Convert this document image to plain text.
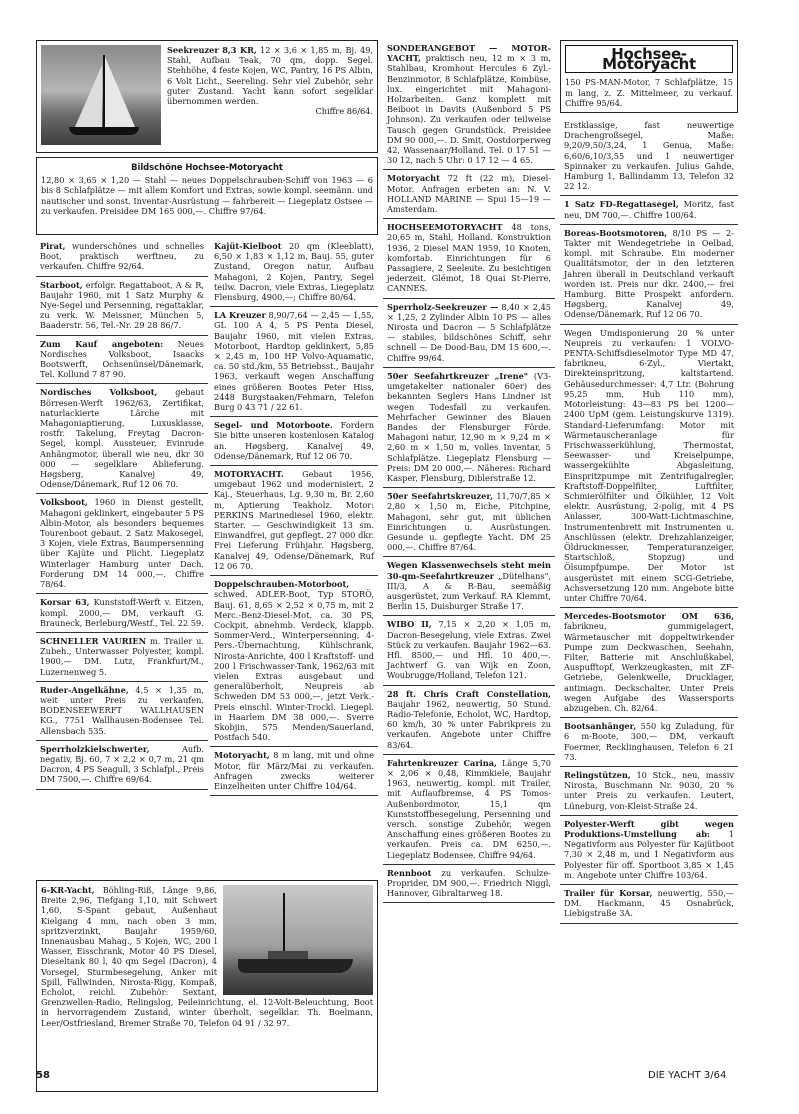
Seekreuzer 8,3 KR, 12 × 3,6 × 1,85 m, Bj. 49, Stahl, Aufbau Teak, 70 qm, dopp. Segel. Stehhöhe, 4 feste Kojen, WC, Pantry, 16 PS Albin, 6 Volt Licht., Seereling. Sehr viel Zubehör, sehr guter Zustand. Yacht kann sofort segelklar übernommen werden.
Chiffre 86/64.
Bildschöne Hochsee-Motoryacht
12,80 × 3,65 × 1,20 — Stahl — neues Doppelschrauben-Schiff von 1963 — 6 bis 8 Schlafplätze — mit allem Komfort und Extras, sowie kompl. seemänn. und nautischer und sonst. Inventar-Ausrüstung — fahrbereit — Liegeplatz Ostsee — zu verkaufen. Preisidee DM 165 000,—. Chiffre 97/64.

Pirat, wunderschönes und schnelles Boot, praktisch werftneu, zu verkaufen. Chiffre 92/64.

Starboot, erfolgr. Regattaboot, A & R, Baujahr 1960, mit 1 Satz Murphy & Nye-Segel und Persenning, regattaklar, zu verk. W. Meissner, München 5, Baaderstr. 56, Tel.-Nr. 29 28 86/7.

Zum Kauf angeboten: Neues Nordisches Volksboot, Isaacks Bootswerft, Ochsenünsel/Dänemark, Tel. Kollund 7 87 90.

Nordisches Volksboot, gebaut Börresen-Werft 1962/63, Zertifikat, naturlackierte Lärche mit Mahagoniaptierung, Luxusklasse, rostfr. Takelung, Freytag Dacron-Segel, kompl. Aussteuer, Evinrude Anhängmotor, überall wie neu, dkr 30 000 — segelklare Ablieferung. Høgsberg, Kanalvej 49, Odense/Dänemark, Ruf 12 06 70.

Volksboot, 1960 in Dienst gestellt, Mahagoni geklinkert, eingebauter 5 PS Albin-Motor, als besonders bequemes Tourenboot gebaut. 2 Satz Makosegel, 3 Kojen, viele Extras, Baumpersenning über Kajüte und Plicht. Liegeplatz Winterlager Hamburg unter Dach. Forderung DM 14 000,—. Chiffre 78/64.

Korsar 63, Kunststoff-Werft v. Eitzen, kompl. 2000,— DM, verkauft G. Brauneck, Berleburg/Westf., Tel. 22 59.

SCHNELLER VAURIEN m. Trailer u. Zubeh., Unterwasser Polyester, kompl. 1900,— DM. Lutz, Frankfurt/M., Luzernenweg 5.

Ruder-Angelkähne, 4,5 × 1,35 m, weit unter Preis zu verkaufen. BODENSEEWERFT WALLHAUSEN KG., 7751 Wallhausen-Bodensee Tel. Allensbach 535.

Sperrholzkielschwerter,	Aufb. negativ, Bj. 60, 7 × 2,2 × 0,7 m, 21 qm Dacron, 4 PS Seagull, 3 Schlafpl., Preis DM 7500,—. Chiffre 69/64.

Kajüt-Kielboot 20 qm (Kleeblatt), 6,50 × 1,83 × 1,12 m, Bauj. 55, guter Zustand, Oregon natur, Aufbau Mahagoni, 2 Kojen, Pantry, Segel teilw. Dacron, viele Extras, Liegeplatz Flensburg, 4900,—; Chiffre 80/64.

LA Kreuzer 8,90/7,64 — 2,45 — 1,55, GL 100 A 4, 5 PS Penta Diesel, Baujahr 1960, mit vielen Extras, Motorboot, Hardtop geklinkert, 5,85 × 2,45 m, 100 HP Volvo-Aquamatic, ca. 50 std./km, 55 Betriebsst., Baujahr 1963, verkauft wegen Anschaffung eines größeren Bootes Peter Hiss, 2448 Burgstaaken/Fehmarn, Telefon Burg 0 43 71 / 22 61.

Segel- und Motorboote. Fordern Sie bitte unseren kostenlosen Katalog an. Høgsberg, Kanalvej 49, Odense/Dänemark, Ruf 12 06 70.

MOTORYACHT. Gebaut 1956, umgebaut 1962 und modernisiert. 2 Kaj., Steuerhaus, Lg. 9,30 m, Br. 2,60 m, Aptierung Teakholz. Motor: PERKINS Marinediesel 1960, elektr. Starter. — Geschwindigkeit 13 sm. Einwandfrei, gut gepflegt. 27 000 dkr. Frei Lieferung Frühjahr. Høgsberg, Kanalvej 49, Odense/Dänemark, Ruf 12 06 70.

Doppelschrauben-Motorboot, schwed. ADLER-Boot, Typ STORÖ, Bauj. 61, 8,65 × 2,52 × 0,75 m, mit 2 Merc.-Benz-Diesel-Mot. ca. 30 PS, Cockpit, abnehmb. Verdeck, klappb. Sommer-Verd., Winterpersenning, 4-Pers.-Übernachtung, Kühlschrank, Nirosta-Anrichte, 400 l Kraftstoff- und 200 l Frischwasser-Tank, 1962/63 mit vielen Extras ausgebaut und generalüberholt, Neupreis ab Schweden DM 53 000,—, jetzt Verk.-Preis einschl. Winter-Trockl. Liegepl. in Haarlem DM 38 000,—. Sverre Skobjin, 575 Menden/Sauerland, Postfach 540.

Motoryacht, 8 m lang, mit und ohne Motor, für März/Mai zu verkaufen. Anfragen zwecks weiterer Einzelheiten unter Chiffre 104/64.

6-KR-Yacht, Böhling-Riß, Länge 9,86, Breite 2,96, Tiefgang 1,10, mit Schwert 1,60, S-Spant gebaut, Außenhaut Kielgang 4 mm, nach oben 3 mm, spritzverzinkt, Baujahr 1959/60, Innenausbau Mahag., 5 Kojen, WC, 200 l Wasser, Eisschrank, Motor 40 PS Diesel, Dieseltank 80 l, 40 qm Segel (Dacron), 4 Vorsegel, Sturmbesegelung, Anker mit Spill, Fallwinden, Nirosta-Rigg, Kompaß, Echolot, reichl. Zubehör: Sextant, Grenzwellen-Radio, Relingslog, Peileinrichtung, el. 12-Volt-Beleuchtung, Boot in hervorragendem Zustand, winter überholt, segelklar. Th. Boelmann, Leer/Ostfriesland, Bremer Straße 70, Telefon 04 91 / 32 97.

SONDERANGEBOT — MOTOR-YACHT, praktisch neu, 12 m × 3 m, Stahlbau, Kromhout Hercules 6 Zyl.-Benzinmotor, 8 Schlafplätze, Kombüse, lux. eingerichtet mit Mahagoni-Holzarbeiten. Ganz komplett mit Beiboot in Davits (Außenbord 5 PS Johnson). Zu verkaufen oder teilweise Tausch gegen Grundstück. Preisidee DM 90 000,—. D. Smit, Oostdorperweg 42, Wassenaar/Holland. Tel. 0 17 51 — 30 12, nach 5 Uhr: 0 17 12 — 4 65.

Motoryacht 72 ft (22 m), Diesel-Motor. Anfragen erbeten an: N. V. HOLLAND MARINE — Spui 15—19 — Amsterdam.

HOCHSEEMOTORYACHT 48 tons, 20,65 m, Stahl, Holland. Konstruktion 1936, 2 Diesel MAN 1959, 10 Knoten, komfortab. Einrichtungen für 6 Passagiere, 2 Seeleute. Zu besichtigen jederzeit. Glémot, 18 Quai St-Pierre, CANNES.

Sperrholz-Seekreuzer — 8,40 × 2,45 × 1,25, 2 Zylinder Albin 10 PS — alles Nirosta und Dacron — 5 Schlafplätze — stabiles, bildschönes Schiff, sehr schnell — De Dood-Bau, DM 15 600,—. Chiffre 99/64.

50er Seefahrtkreuzer „Irene" (V3-umgetakelter nationaler 60er) des bekannten Seglers Hans Lindner ist wegen Todesfall zu verkaufen. Mehrfacher Gewinner des Blauen Bandes der Flensburger Förde. Mahagoni natur, 12,90 m × 9,24 m × 2,60 m × 1,50 m, volles Inventar, 5 Schlafplätze. Liegeplatz Flensburg — Preis: DM 20 000,—. Näheres: Richard Kasper, Flensburg, Diblerstraße 12.

50er Seefahrtskreuzer, 11,70/7,85 × 2,80 × 1,50 m, Eiche, Pitchpine, Mahagoni, sehr gut, mit üblichen Einrichtungen u. Ausrüstungen. Gesunde u. gepflegte Yacht. DM 25 000,—. Chiffre 87/64.

Wegen Klassenwechsels steht mein 30-qm-Seefahrtkreuzer „Dütelhans", III/3, A & R-Bau, seemäßig ausgerüstet, zum Verkauf. RA Klemmt, Berlin 15, Duisburger Straße 17.

WIBO II, 7,15 × 2,20 × 1,05 m, Dacron-Besegelung, viele Extras. Zwei Stück zu verkaufen. Baujahr 1962—63. Hfl. 8500,— und Hfl. 10 400,—. Jachtwerf G. van Wijk en Zoon, Woubrugge/Holland, Telefon 121.

28 ft. Chris Craft Constellation, Baujahr 1962, neuwertig, 50 Stund. Radio-Telefonie, Echolot, WC, Hardtop, 60 km/h, 30 % unter Fabrikpreis zu verkaufen. Angebote unter Chiffre 83/64.

Fahrtenkreuzer Carina, Länge 5,70 × 2,06 × 0,48, Kimmkiele, Baujahr 1963, neuwertig, kompl. mit Trailer, mit Auflaufbremse, 4 PS Tomos-Außenbordmotor, 15,1 qm Kunststoffbesegelung, Persenning und versch. sonstige Zubehör, wegen Anschaffung eines größeren Bootes zu verkaufen. Preis ca. DM 6250,—. Liegeplatz Bodensee. Chiffre 94/64.

Rennboot zu verkaufen. Schulze-Proprider, DM 900,—. Friedrich Niggl, Hannover, Gibraltarweg 18.

Hochsee-Motoryacht
150 PS-MAN-Motor, 7 Schlafplätze, 15 m lang, z. Z. Mittelmeer, zu verkauf. Chiffre 95/64.

Erstklassige, fast neuwertige Drachengroßsegel, Maße: 9,20/9,50/3,24, 1 Genua, Maße: 6,60/6,10/3,55 und 1 neuwertiger Spinnaker zu verkaufen. Julius Gahde, Hamburg 1, Ballindamm 13, Telefon 32 22 12.

1 Satz FD-Regattasegel, Moritz, fast neu, DM 700,—. Chiffre 100/64.

Boreas-Bootsmotoren, 8/10 PS — 2-Takter mit Wendegetriebe in Oelbad, kompl. mit Schraube. Ein moderner Qualitätsmotor, der in den letzteren Jahren überall in Deutschland verkauft worden ist. Preis nur dkr. 2400,— frei Hamburg. Bitte Prospekt anfordern. Høgsberg, Kanalvej 49, Odense/Dänemark, Ruf 12 06 70.

Wegen Umdisponierung 20 % unter Neupreis zu verkaufen: 1 VOLVO-PENTA-Schiffsdieselmotor Type MD 47, fabrikneu, 6-Zyl., Viertakt, Direkteinspritzung, kaltstartend. Gehäusedurchmesser: 4,7 Ltr. (Bohrung 95,25 mm, Hub 110 mm), Motorleistung: 43—83 PS bei 1200—2400 UpM (gem. Leistungskurve 1319). Standard-Lieferumfang: Motor mit Wärmetauscheranlage für Frischwasserkühlung, Thermostat, Seewasser- und Kreiselpumpe, wassergekühlte Abgasleitung, Einspritzpumpe mit Zentrifugalregler, Kraftstoff-Doppelfilter, Luftfilter, Schmierölfilter und Ölkühler, 12 Volt elektr. Ausrüstung, 2-polig, mit 4 PS Anlasser, 300-Watt-Lichtmaschine, Instrumentenbrett mit Instrumenten u. Anschlüssen (elektr. Drehzahlanzeiger, Öldruckmesser, Temperaturanzeiger, Startschloß, Stopzug) und Ölsumpfpumpe. Der Motor ist ausgerüstet mit einem SCG-Getriebe, Achsversetzung 120 mm. Angebote bitte unter Chiffre 70/64.

Mercedes-Bootsmotor OM 636, fabrikneu, gummigelagert, Wärmetauscher mit doppeltwirkender Pumpe zum Deckwaschen, Seehahn, Filter, Batterie mit Anschlußkabel, Auspufftopf, Werkzeugkasten, mit ZF-Getriebe, Gelenkwelle, Drucklager, antimagn. Deckschalter. Unter Preis wegen Aufgabe des Wassersports abzugeben. Ch. 82/64.

Bootsanhänger, 550 kg Zuladung, für 6 m-Boote, 300,— DM, verkauft Foermer, Recklinghausen, Telefon 6 21 73.

Relingstützen, 10 Stck., neu, massiv Nirosta, Buschmann Nr. 9030, 20 % unter Preis zu verkaufen. Leutert, Lüneburg, von-Kleist-Straße 24.

Polyester-Werft gibt wegen Produktions-Umstellung ab: 1 Negativform aus Polyester für Kajütboot 7,30 × 2,48 m, und 1 Negativform aus Polyester für off. Sportboot 3,85 × 1,45 m. Angebote unter Chiffre 103/64.

Trailer für Korsar, neuwertig, 550,— DM. Hackmann, 45 Osnabrück, Liebigstraße 3A.

58	DIE YACHT 3/64
